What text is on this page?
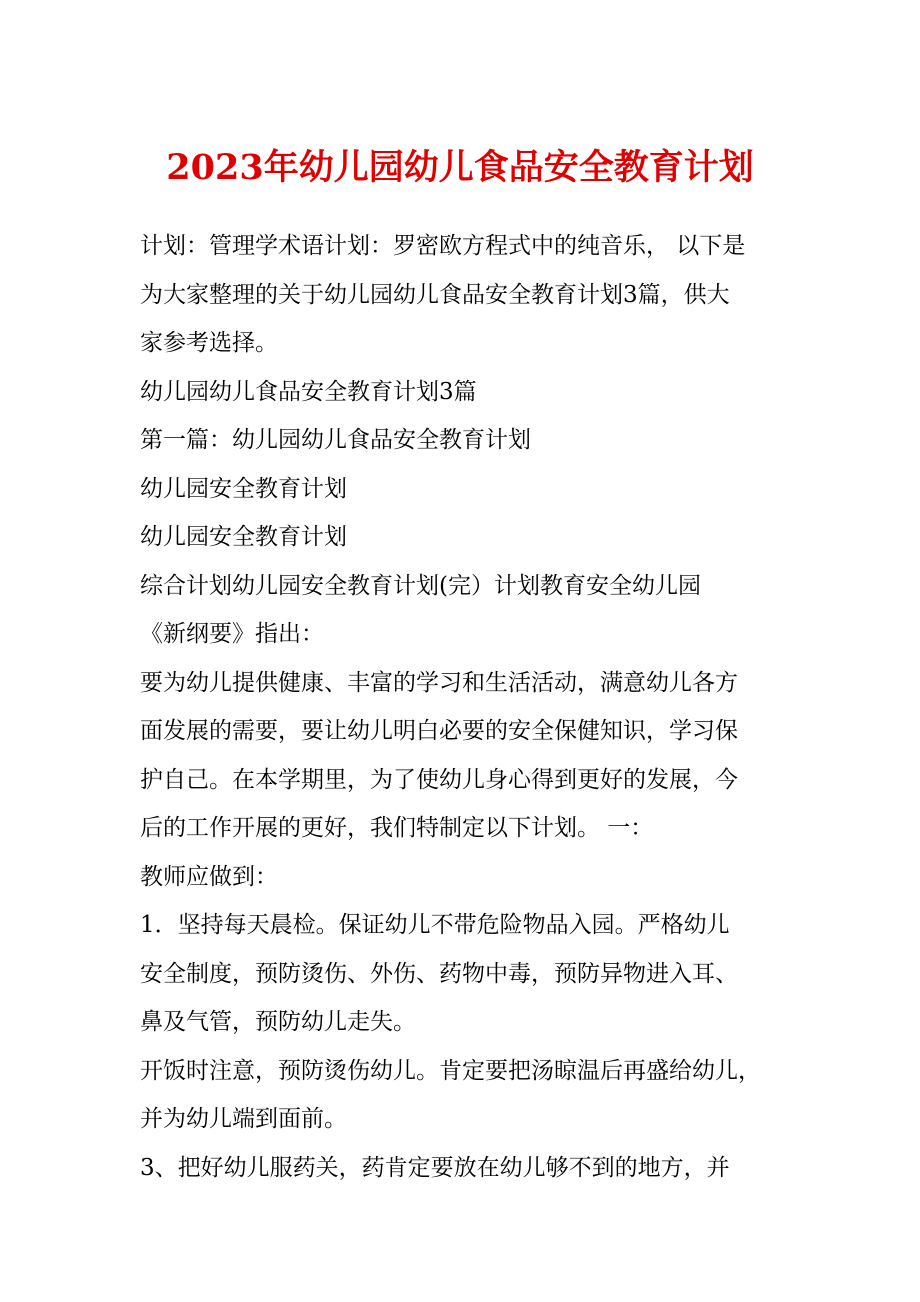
2023年幼儿园幼儿食品安全教育计划
计划：管理学术语计划：罗密欧方程式中的纯音乐， 以下是
为大家整理的关于幼儿园幼儿食品安全教育计划3篇，供大
家参考选择。
幼儿园幼儿食品安全教育计划3篇
第一篇：幼儿园幼儿食品安全教育计划
幼儿园安全教育计划
幼儿园安全教育计划
综合计划幼儿园安全教育计划(完）计划教育安全幼儿园
《新纲要》指出：
要为幼儿提供健康、丰富的学习和生活活动，满意幼儿各方
面发展的需要，要让幼儿明白必要的安全保健知识，学习保
护自己。在本学期里，为了使幼儿身心得到更好的发展，今
后的工作开展的更好，我们特制定以下计划。 一：
教师应做到：
1．坚持每天晨检。保证幼儿不带危险物品入园。严格幼儿
安全制度，预防烫伤、外伤、药物中毒，预防异物进入耳、
鼻及气管，预防幼儿走失。
开饭时注意，预防烫伤幼儿。肯定要把汤晾温后再盛给幼儿，
并为幼儿端到面前。
3、把好幼儿服药关，药肯定要放在幼儿够不到的地方，并
